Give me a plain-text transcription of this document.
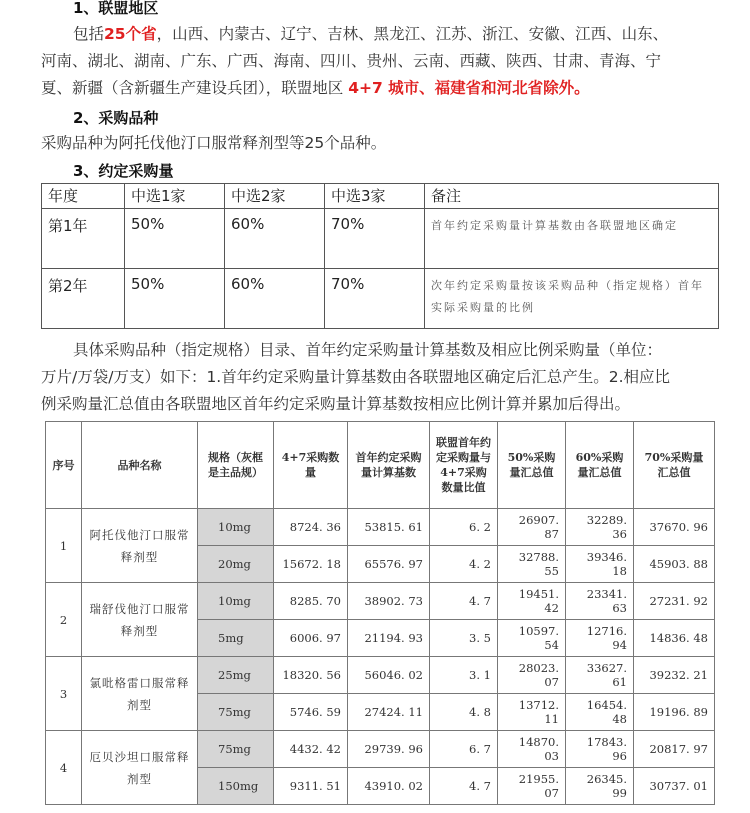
1、联盟地区
包括25个省，山西、内蒙古、辽宁、吉林、黑龙江、江苏、浙江、安徽、江西、山东、
河南、湖北、湖南、广东、广西、海南、四川、贵州、云南、西藏、陕西、甘肃、青海、宁
夏、新疆（含新疆生产建设兵团），联盟地区 4+7 城市、福建省和河北省除外。
2、采购品种
采购品种为阿托伐他汀口服常释剂型等25个品种。
3、约定采购量
年度	中选1家	中选2家	中选3家	备注
第1年	50%	60%	70%	首年约定采购量计算基数由各联盟地区确定
第2年	50%	60%	70%	次年约定采购量按该采购品种（指定规格）首年实际采购量的比例
具体采购品种（指定规格）目录、首年约定采购量计算基数及相应比例采购量（单位：
万片/万袋/万支）如下：1.首年约定采购量计算基数由各联盟地区确定后汇总产生。2.相应比
例采购量汇总值由各联盟地区首年约定采购量计算基数按相应比例计算并累加后得出。
序号	品种名称	规格（灰框是主品规）	4+7采购数量	首年约定采购量计算基数	联盟首年约定采购量与4+7采购数量比值	50%采购量汇总值	60%采购量汇总值	70%采购量汇总值
1	阿托伐他汀口服常释剂型	10mg	8724. 36	53815. 61	6. 2	26907. 87	32289. 36	37670. 96
		20mg	15672. 18	65576. 97	4. 2	32788. 55	39346. 18	45903. 88
2	瑞舒伐他汀口服常释剂型	10mg	8285. 70	38902. 73	4. 7	19451. 42	23341. 63	27231. 92
		5mg	6006. 97	21194. 93	3. 5	10597. 54	12716. 94	14836. 48
3	氯吡格雷口服常释剂型	25mg	18320. 56	56046. 02	3. 1	28023. 07	33627. 61	39232. 21
		75mg	5746. 59	27424. 11	4. 8	13712. 11	16454. 48	19196. 89
4	厄贝沙坦口服常释剂型	75mg	4432. 42	29739. 96	6. 7	14870. 03	17843. 96	20817. 97
		150mg	9311. 51	43910. 02	4. 7	21955. 07	26345. 99	30737. 01
